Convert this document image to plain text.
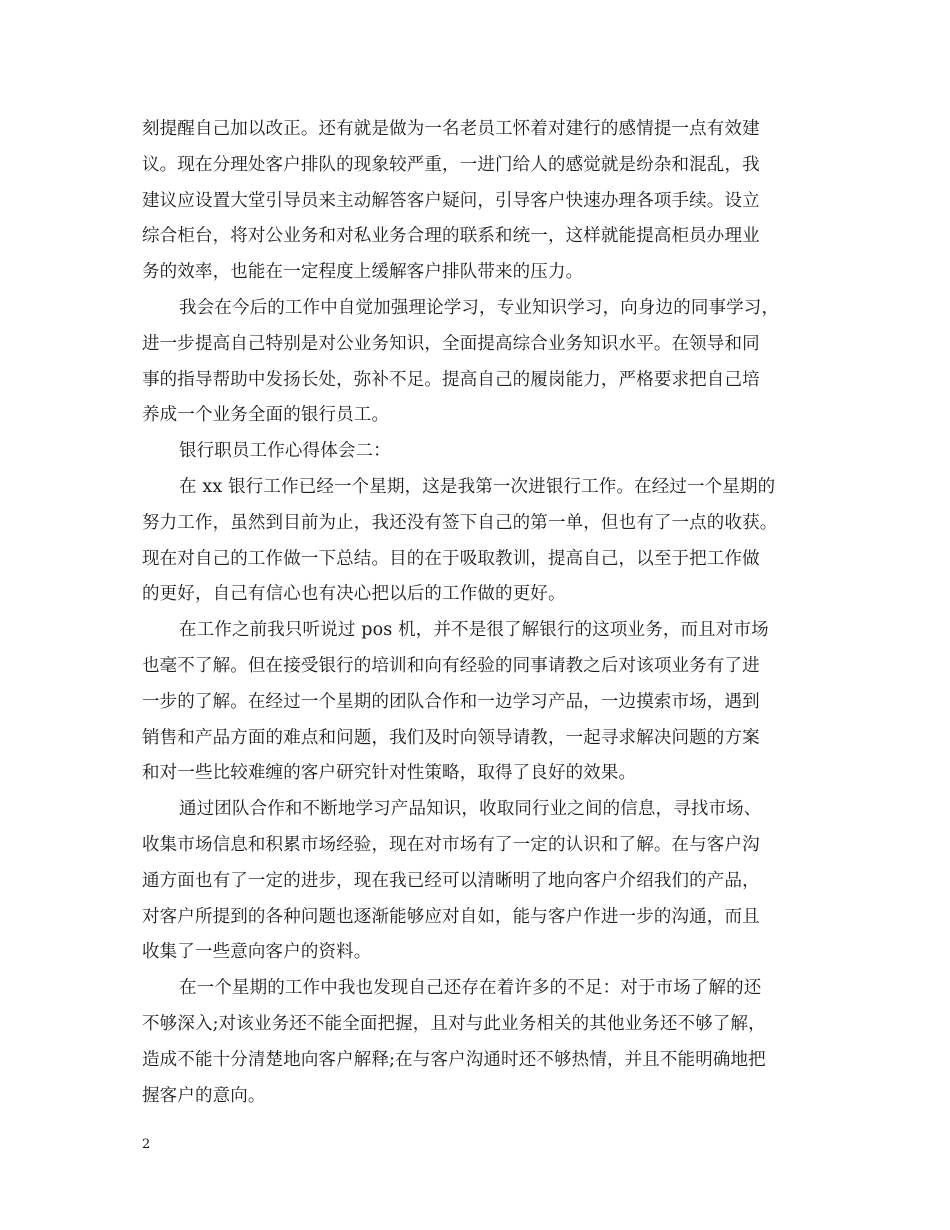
刻提醒自己加以改正。还有就是做为一名老员工怀着对建行的感情提一点有效建
议。现在分理处客户排队的现象较严重，一进门给人的感觉就是纷杂和混乱，我
建议应设置大堂引导员来主动解答客户疑问，引导客户快速办理各项手续。设立
综合柜台，将对公业务和对私业务合理的联系和统一，这样就能提高柜员办理业
务的效率，也能在一定程度上缓解客户排队带来的压力。
我会在今后的工作中自觉加强理论学习，专业知识学习，向身边的同事学习，
进一步提高自己特别是对公业务知识，全面提高综合业务知识水平。在领导和同
事的指导帮助中发扬长处，弥补不足。提高自己的履岗能力，严格要求把自己培
养成一个业务全面的银行员工。
银行职员工作心得体会二：
在 xx 银行工作已经一个星期，这是我第一次进银行工作。在经过一个星期的
努力工作，虽然到目前为止，我还没有签下自己的第一单，但也有了一点的收获。
现在对自己的工作做一下总结。目的在于吸取教训，提高自己，以至于把工作做
的更好，自己有信心也有决心把以后的工作做的更好。
在工作之前我只听说过 pos 机，并不是很了解银行的这项业务，而且对市场
也毫不了解。但在接受银行的培训和向有经验的同事请教之后对该项业务有了进
一步的了解。在经过一个星期的团队合作和一边学习产品，一边摸索市场，遇到
销售和产品方面的难点和问题，我们及时向领导请教，一起寻求解决问题的方案
和对一些比较难缠的客户研究针对性策略，取得了良好的效果。
通过团队合作和不断地学习产品知识，收取同行业之间的信息，寻找市场、
收集市场信息和积累市场经验，现在对市场有了一定的认识和了解。在与客户沟
通方面也有了一定的进步，现在我已经可以清晰明了地向客户介绍我们的产品，
对客户所提到的各种问题也逐渐能够应对自如，能与客户作进一步的沟通，而且
收集了一些意向客户的资料。
在一个星期的工作中我也发现自己还存在着许多的不足：对于市场了解的还
不够深入;对该业务还不能全面把握，且对与此业务相关的其他业务还不够了解，
造成不能十分清楚地向客户解释;在与客户沟通时还不够热情，并且不能明确地把
握客户的意向。
2
